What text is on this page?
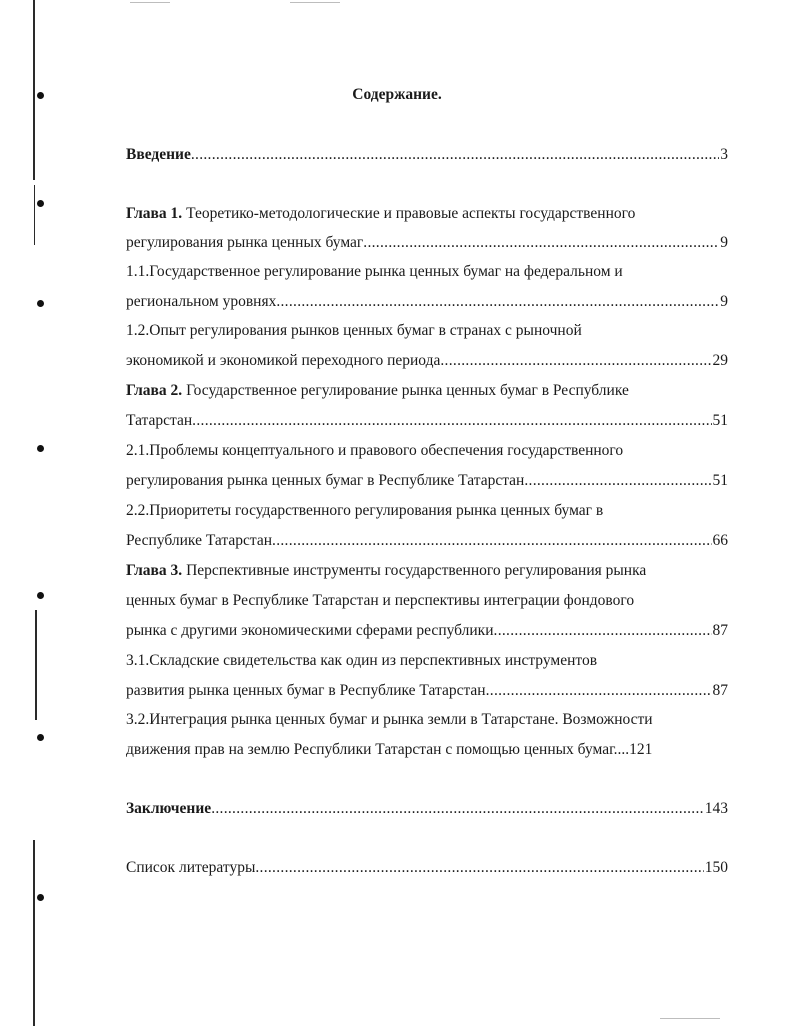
Содержание.
Введение .....	3
Глава 1. Теоретико-методологические и правовые аспекты государственного
регулирования рынка ценных бумаг .....	9
1.1.Государственное регулирование рынка ценных бумаг на федеральном и
региональном уровнях .....	9
1.2.Опыт регулирования рынков ценных бумаг в странах с рыночной
экономикой и экономикой переходного периода .....	29
Глава 2. Государственное регулирование рынка ценных бумаг в Республике
Татарстан .....	51
2.1.Проблемы концептуального и правового обеспечения государственного
регулирования рынка ценных бумаг в Республике Татарстан .....	51
2.2.Приоритеты государственного регулирования рынка ценных бумаг в
Республике Татарстан .....	66
Глава 3. Перспективные инструменты государственного регулирования рынка
ценных бумаг в Республике Татарстан и перспективы интеграции фондового
рынка с другими экономическими сферами республики .....	87
3.1.Складские свидетельства как один из перспективных инструментов
развития рынка ценных бумаг в Республике Татарстан .....	87
3.2.Интеграция рынка ценных бумаг и рынка земли в Татарстане. Возможности
движения прав на землю Республики Татарстан с помощью ценных бумаг....121
Заключение .....	143
Список литературы .....	150
